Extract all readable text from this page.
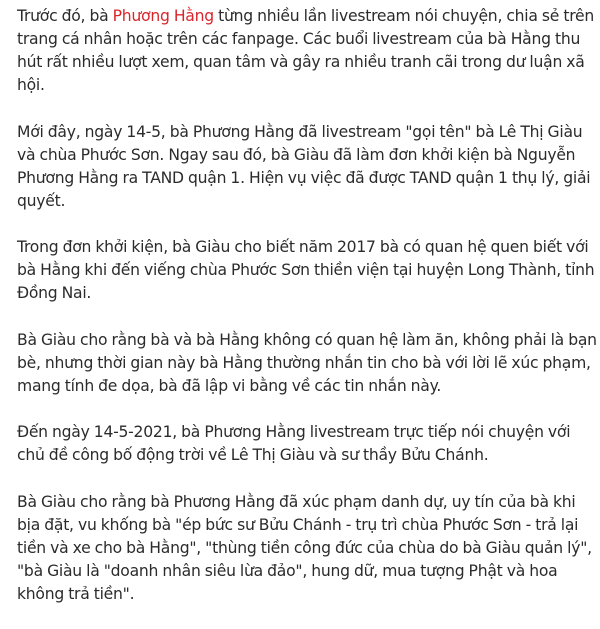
Trước đó, bà Phương Hằng từng nhiều lần livestream nói chuyện, chia sẻ trên trang cá nhân hoặc trên các fanpage. Các buổi livestream của bà Hằng thu hút rất nhiều lượt xem, quan tâm và gây ra nhiều tranh cãi trong dư luận xã hội.

Mới đây, ngày 14-5, bà Phương Hằng đã livestream "gọi tên" bà Lê Thị Giàu và chùa Phước Sơn. Ngay sau đó, bà Giàu đã làm đơn khởi kiện bà Nguyễn Phương Hằng ra TAND quận 1. Hiện vụ việc đã được TAND quận 1 thụ lý, giải quyết.

Trong đơn khởi kiện, bà Giàu cho biết năm 2017 bà có quan hệ quen biết với bà Hằng khi đến viếng chùa Phước Sơn thiền viện tại huyện Long Thành, tỉnh Đồng Nai.

Bà Giàu cho rằng bà và bà Hằng không có quan hệ làm ăn, không phải là bạn bè, nhưng thời gian này bà Hằng thường nhắn tin cho bà với lời lẽ xúc phạm, mang tính đe dọa, bà đã lập vi bằng về các tin nhắn này.

Đến ngày 14-5-2021, bà Phương Hằng livestream trực tiếp nói chuyện với chủ đề công bố động trời về Lê Thị Giàu và sư thầy Bửu Chánh.

Bà Giàu cho rằng bà Phương Hằng đã xúc phạm danh dự, uy tín của bà khi bịa đặt, vu khống bà "ép bức sư Bửu Chánh - trụ trì chùa Phước Sơn - trả lại tiền và xe cho bà Hằng", "thùng tiền công đức của chùa do bà Giàu quản lý", "bà Giàu là "doanh nhân siêu lừa đảo", hung dữ, mua tượng Phật và hoa không trả tiền".
